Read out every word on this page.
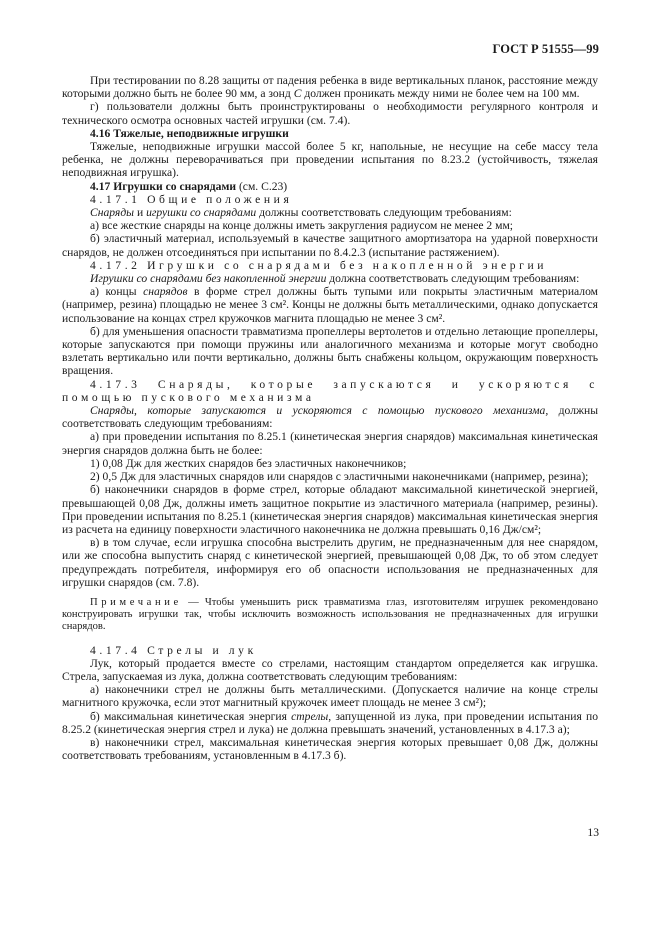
ГОСТ Р 51555—99

При тестировании по 8.28 защиты от падения ребенка в виде вертикальных планок, расстояние между которыми должно быть не более 90 мм, а зонд С должен проникать между ними не более чем на 100 мм.

г) пользователи должны быть проинструктированы о необходимости регулярного контроля и технического осмотра основных частей игрушки (см. 7.4).

4.16 Тяжелые, неподвижные игрушки

Тяжелые, неподвижные игрушки массой более 5 кг, напольные, не несущие на себе массу тела ребенка, не должны переворачиваться при проведении испытания по 8.23.2 (устойчивость, тяжелая неподвижная игрушка).

4.17 Игрушки со снарядами (см. С.23)

4.17.1 Общие положения

Снаряды и игрушки со снарядами должны соответствовать следующим требованиям:

а) все жесткие снаряды на конце должны иметь закругления радиусом не менее 2 мм;

б) эластичный материал, используемый в качестве защитного амортизатора на ударной поверхности снарядов, не должен отсоединяться при испытании по 8.4.2.3 (испытание растяжением).

4.17.2 Игрушки со снарядами без накопленной энергии

Игрушки со снарядами без накопленной энергии должна соответствовать следующим требованиям:

а) концы снарядов в форме стрел должны быть тупыми или покрыты эластичным материалом (например, резина) площадью не менее 3 см². Концы не должны быть металлическими, однако допускается использование на концах стрел кружочков магнита площадью не менее 3 см².

б) для уменьшения опасности травматизма пропеллеры вертолетов и отдельно летающие пропеллеры, которые запускаются при помощи пружины или аналогичного механизма и которые могут свободно взлетать вертикально или почти вертикально, должны быть снабжены кольцом, окружающим поверхность вращения.

4.17.3 Снаряды, которые запускаются и ускоряются с помощью пускового механизма

Снаряды, которые запускаются и ускоряются с помощью пускового механизма, должны соответствовать следующим требованиям:

а) при проведении испытания по 8.25.1 (кинетическая энергия снарядов) максимальная кинетическая энергия снарядов должна быть не более:

1) 0,08 Дж для жестких снарядов без эластичных наконечников;

2) 0,5 Дж для эластичных снарядов или снарядов с эластичными наконечниками (например, резина);

б) наконечники снарядов в форме стрел, которые обладают максимальной кинетической энергией, превышающей 0,08 Дж, должны иметь защитное покрытие из эластичного материала (например, резины). При проведении испытания по 8.25.1 (кинетическая энергия снарядов) максимальная кинетическая энергия из расчета на единицу поверхности эластичного наконечника не должна превышать 0,16 Дж/см²;

в) в том случае, если игрушка способна выстрелить другим, не предназначенным для нее снарядом, или же способна выпустить снаряд с кинетической энергией, превышающей 0,08 Дж, то об этом следует предупреждать потребителя, информируя его об опасности использования не предназначенных для игрушки снарядов (см. 7.8).

Примечание — Чтобы уменьшить риск травматизма глаз, изготовителям игрушек рекомендовано конструировать игрушки так, чтобы исключить возможность использования не предназначенных для игрушки снарядов.

4.17.4 Стрелы и лук

Лук, который продается вместе со стрелами, настоящим стандартом определяется как игрушка. Стрела, запускаемая из лука, должна соответствовать следующим требованиям:

а) наконечники стрел не должны быть металлическими. (Допускается наличие на конце стрелы магнитного кружочка, если этот магнитный кружочек имеет площадь не менее 3 см²);

б) максимальная кинетическая энергия стрелы, запущенной из лука, при проведении испытания по 8.25.2 (кинетическая энергия стрел и лука) не должна превышать значений, установленных в 4.17.3 а);

в) наконечники стрел, максимальная кинетическая энергия которых превышает 0,08 Дж, должны соответствовать требованиям, установленным в 4.17.3 б).

13
